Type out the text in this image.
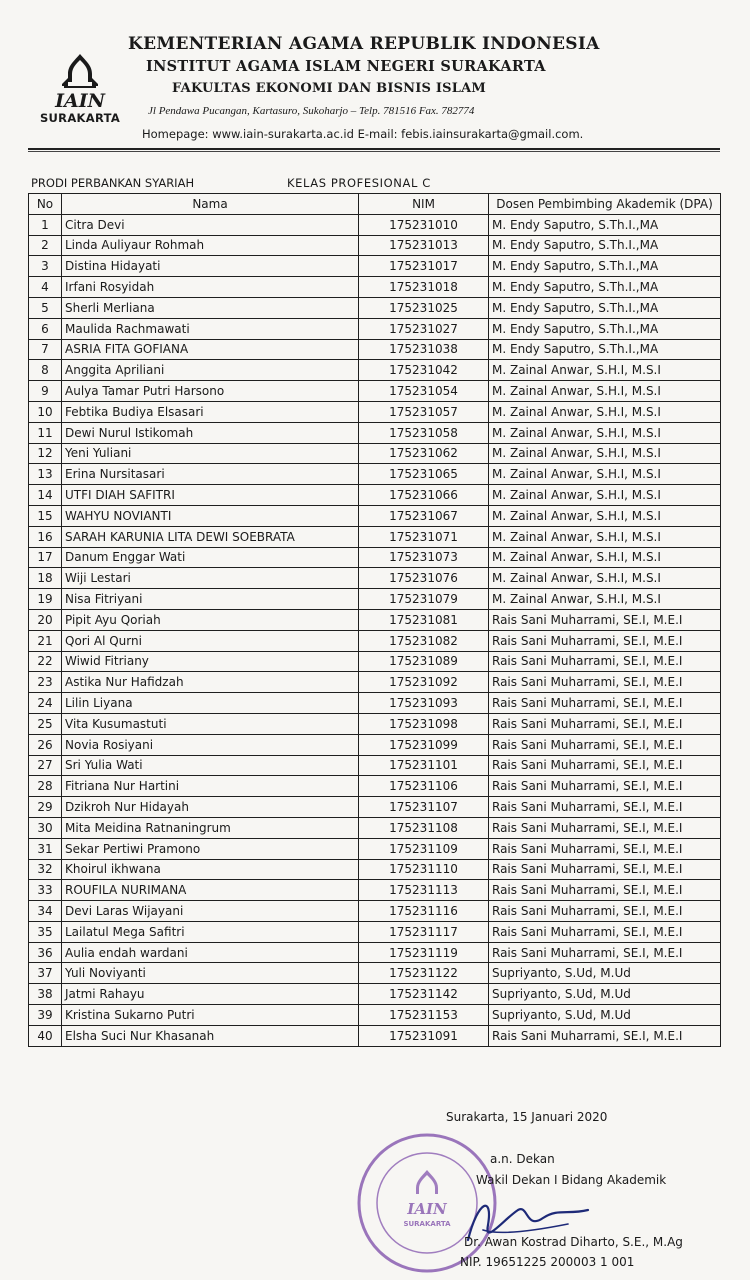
IAIN
SURAKARTA
KEMENTERIAN AGAMA REPUBLIK INDONESIA
INSTITUT AGAMA ISLAM NEGERI SURAKARTA
FAKULTAS EKONOMI DAN BISNIS ISLAM
Jl Pendawa Pucangan, Kartasuro, Sukoharjo – Telp. 781516 Fax. 782774
Homepage: www.iain-surakarta.ac.id E-mail: febis.iainsurakarta@gmail.com.
PRODI PERBANKAN SYARIAH	KELAS PROFESIONAL C
No	Nama	NIM	Dosen Pembimbing Akademik (DPA)
1	Citra Devi	175231010	M. Endy Saputro, S.Th.I.,MA
2	Linda Auliyaur Rohmah	175231013	M. Endy Saputro, S.Th.I.,MA
3	Distina Hidayati	175231017	M. Endy Saputro, S.Th.I.,MA
4	Irfani Rosyidah	175231018	M. Endy Saputro, S.Th.I.,MA
5	Sherli Merliana	175231025	M. Endy Saputro, S.Th.I.,MA
6	Maulida Rachmawati	175231027	M. Endy Saputro, S.Th.I.,MA
7	ASRIA FITA GOFIANA	175231038	M. Endy Saputro, S.Th.I.,MA
8	Anggita Apriliani	175231042	M. Zainal Anwar, S.H.I, M.S.I
9	Aulya Tamar Putri Harsono	175231054	M. Zainal Anwar, S.H.I, M.S.I
10	Febtika Budiya Elsasari	175231057	M. Zainal Anwar, S.H.I, M.S.I
11	Dewi Nurul Istikomah	175231058	M. Zainal Anwar, S.H.I, M.S.I
12	Yeni Yuliani	175231062	M. Zainal Anwar, S.H.I, M.S.I
13	Erina Nursitasari	175231065	M. Zainal Anwar, S.H.I, M.S.I
14	UTFI DIAH SAFITRI	175231066	M. Zainal Anwar, S.H.I, M.S.I
15	WAHYU NOVIANTI	175231067	M. Zainal Anwar, S.H.I, M.S.I
16	SARAH KARUNIA LITA DEWI SOEBRATA	175231071	M. Zainal Anwar, S.H.I, M.S.I
17	Danum Enggar Wati	175231073	M. Zainal Anwar, S.H.I, M.S.I
18	Wiji Lestari	175231076	M. Zainal Anwar, S.H.I, M.S.I
19	Nisa Fitriyani	175231079	M. Zainal Anwar, S.H.I, M.S.I
20	Pipit Ayu Qoriah	175231081	Rais Sani Muharrami, SE.I, M.E.I
21	Qori Al Qurni	175231082	Rais Sani Muharrami, SE.I, M.E.I
22	Wiwid Fitriany	175231089	Rais Sani Muharrami, SE.I, M.E.I
23	Astika Nur Hafidzah	175231092	Rais Sani Muharrami, SE.I, M.E.I
24	Lilin Liyana	175231093	Rais Sani Muharrami, SE.I, M.E.I
25	Vita Kusumastuti	175231098	Rais Sani Muharrami, SE.I, M.E.I
26	Novia Rosiyani	175231099	Rais Sani Muharrami, SE.I, M.E.I
27	Sri Yulia Wati	175231101	Rais Sani Muharrami, SE.I, M.E.I
28	Fitriana Nur Hartini	175231106	Rais Sani Muharrami, SE.I, M.E.I
29	Dzikroh Nur Hidayah	175231107	Rais Sani Muharrami, SE.I, M.E.I
30	Mita Meidina Ratnaningrum	175231108	Rais Sani Muharrami, SE.I, M.E.I
31	Sekar Pertiwi Pramono	175231109	Rais Sani Muharrami, SE.I, M.E.I
32	Khoirul ikhwana	175231110	Rais Sani Muharrami, SE.I, M.E.I
33	ROUFILA NURIMANA	175231113	Rais Sani Muharrami, SE.I, M.E.I
34	Devi Laras Wijayani	175231116	Rais Sani Muharrami, SE.I, M.E.I
35	Lailatul Mega Safitri	175231117	Rais Sani Muharrami, SE.I, M.E.I
36	Aulia endah wardani	175231119	Rais Sani Muharrami, SE.I, M.E.I
37	Yuli Noviyanti	175231122	Supriyanto, S.Ud, M.Ud
38	Jatmi Rahayu	175231142	Supriyanto, S.Ud, M.Ud
39	Kristina Sukarno Putri	175231153	Supriyanto, S.Ud, M.Ud
40	Elsha Suci Nur Khasanah	175231091	Rais Sani Muharrami, SE.I, M.E.I
IAIN
SURAKARTA
Surakarta, 15 Januari 2020
a.n. Dekan
Wakil Dekan I Bidang Akademik
Dr. Awan Kostrad Diharto, S.E., M.Ag
NIP. 19651225 200003 1 001
